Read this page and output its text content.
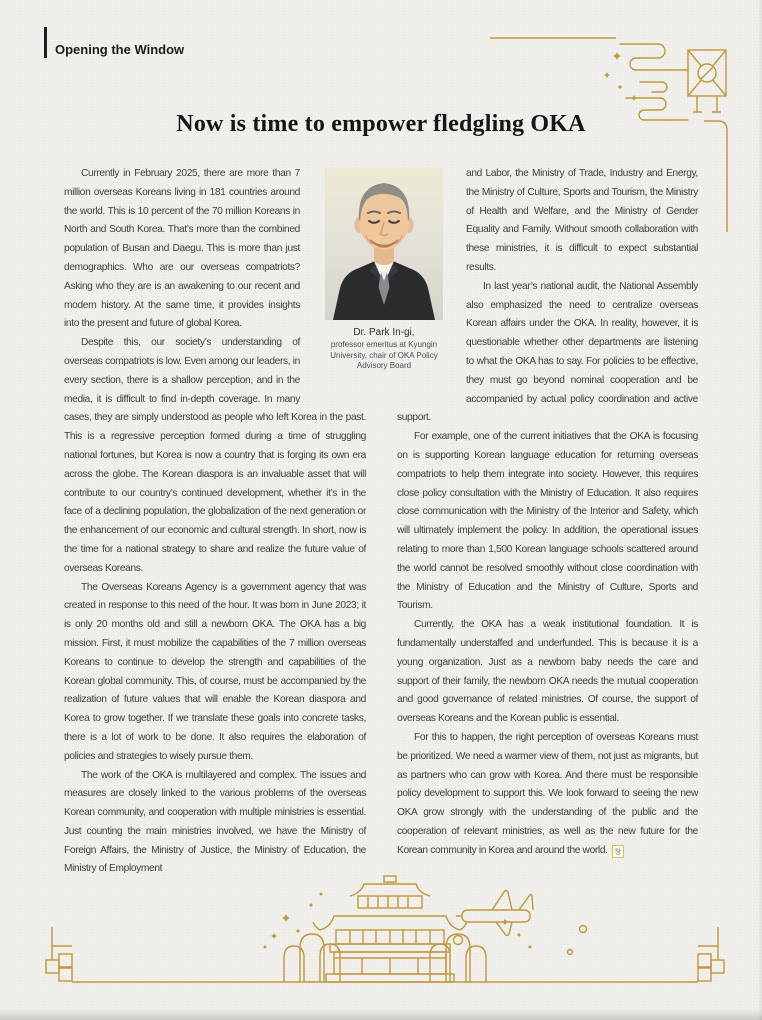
Opening the Window
Now is time to empower fledgling OKA

Currently in February 2025, there are more than 7 million overseas Koreans living in 181 countries around the world. This is 10 percent of the 70 million Koreans in North and South Korea. That’s more than the combined population of Busan and Daegu. This is more than just demographics. Who are our overseas compatriots? Asking who they are is an awakening to our recent and modern history. At the same time, it provides insights into the present and future of global Korea.

Despite this, our society’s understanding of overseas compatriots is low. Even among our leaders, in every section, there is a shallow perception, and in the media, it is difficult to find in-depth coverage. In many cases, they are simply understood as people who left Korea in the past. This is a regressive perception formed during a time of struggling national fortunes, but Korea is now a country that is forging its own era across the globe. The Korean diaspora is an invaluable asset that will contribute to our country’s continued development, whether it’s in the face of a declining population, the globalization of the next generation or the enhancement of our economic and cultural strength. In short, now is the time for a national strategy to share and realize the future value of overseas Koreans.

The Overseas Koreans Agency is a government agency that was created in response to this need of the hour. It was born in June 2023; it is only 20 months old and still a newborn OKA. The OKA has a big mission. First, it must mobilize the capabilities of the 7 million overseas Koreans to continue to develop the strength and capabilities of the Korean global community. This, of course, must be accompanied by the realization of future values that will enable the Korean diaspora and Korea to grow together. If we translate these goals into concrete tasks, there is a lot of work to be done. It also requires the elaboration of policies and strategies to wisely pursue them.

The work of the OKA is multilayered and complex. The issues and measures are closely linked to the various problems of the overseas Korean community, and cooperation with multiple ministries is essential. Just counting the main ministries involved, we have the Ministry of Foreign Affairs, the Ministry of Justice, the Ministry of Education, the Ministry of Employment

and Labor, the Ministry of Trade, Industry and Energy, the Ministry of Culture, Sports and Tourism, the Ministry of Health and Welfare, and the Ministry of Gender Equality and Family. Without smooth collaboration with these ministries, it is difficult to expect substantial results.

In last year’s national audit, the National Assembly also emphasized the need to centralize overseas Korean affairs under the OKA. In reality, however, it is questionable whether other departments are listening to what the OKA has to say. For policies to be effective, they must go beyond nominal cooperation and be accompanied by actual policy coordination and active support.

For example, one of the current initiatives that the OKA is focusing on is supporting Korean language education for returning overseas compatriots to help them integrate into society. However, this requires close policy consultation with the Ministry of Education. It also requires close communication with the Ministry of the Interior and Safety, which will ultimately implement the policy. In addition, the operational issues relating to more than 1,500 Korean language schools scattered around the world cannot be resolved smoothly without close coordination with the Ministry of Education and the Ministry of Culture, Sports and Tourism.

Currently, the OKA has a weak institutional foundation. It is fundamentally understaffed and underfunded. This is because it is a young organization. Just as a newborn baby needs the care and support of their family, the newborn OKA needs the mutual cooperation and good governance of related ministries. Of course, the support of overseas Koreans and the Korean public is essential.

For this to happen, the right perception of overseas Koreans must be prioritized. We need a warmer view of them, not just as migrants, but as partners who can grow with Korea. And there must be responsible policy development to support this. We look forward to seeing the new OKA grow strongly with the understanding of the public and the cooperation of relevant ministries, as well as the new future for the Korean community in Korea and around the world. 창

Dr. Park In-gi,
professor emeritus at Kyungin University, chair of OKA Policy Advisory Board
